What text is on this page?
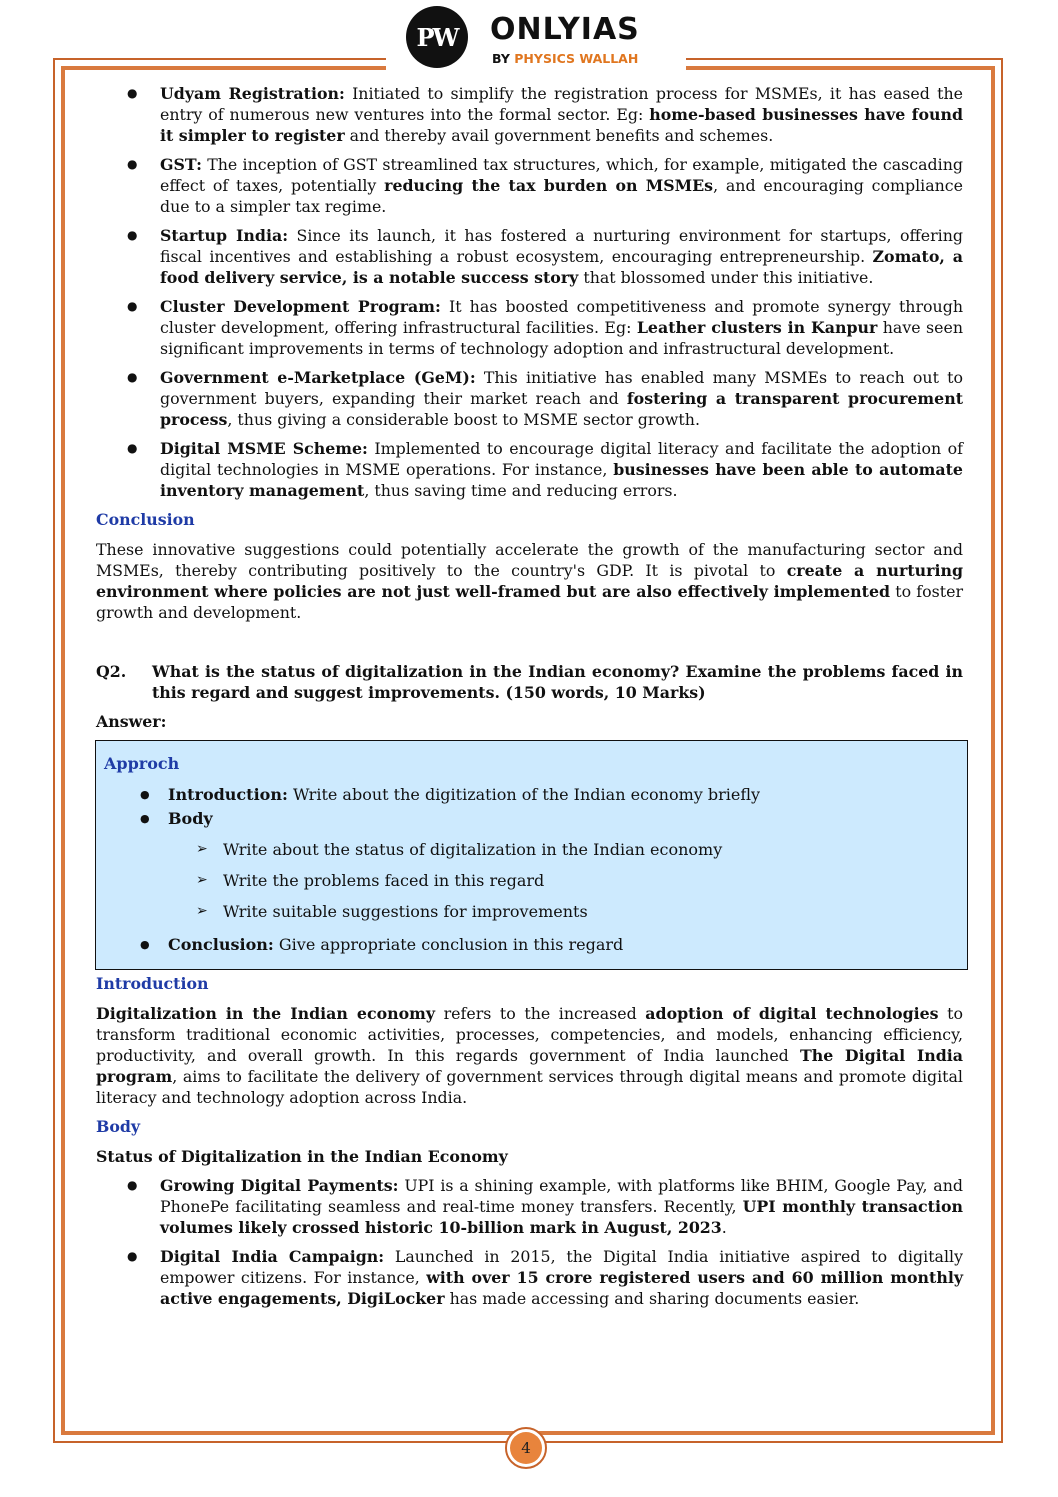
PW	ONLYIAS
BY PHYSICS WALLAH
● Udyam Registration: Initiated to simplify the registration process for MSMEs, it has eased the entry of numerous new ventures into the formal sector. Eg: home-based businesses have found it simpler to register and thereby avail government benefits and schemes.
● GST: The inception of GST streamlined tax structures, which, for example, mitigated the cascading effect of taxes, potentially reducing the tax burden on MSMEs, and encouraging compliance due to a simpler tax regime.
● Startup India: Since its launch, it has fostered a nurturing environment for startups, offering fiscal incentives and establishing a robust ecosystem, encouraging entrepreneurship. Zomato, a food delivery service, is a notable success story that blossomed under this initiative.
● Cluster Development Program: It has boosted competitiveness and promote synergy through cluster development, offering infrastructural facilities. Eg: Leather clusters in Kanpur have seen significant improvements in terms of technology adoption and infrastructural development.
● Government e-Marketplace (GeM): This initiative has enabled many MSMEs to reach out to government buyers, expanding their market reach and fostering a transparent procurement process, thus giving a considerable boost to MSME sector growth.
● Digital MSME Scheme: Implemented to encourage digital literacy and facilitate the adoption of digital technologies in MSME operations. For instance, businesses have been able to automate inventory management, thus saving time and reducing errors.
Conclusion

These innovative suggestions could potentially accelerate the growth of the manufacturing sector and MSMEs, thereby contributing positively to the country's GDP. It is pivotal to create a nurturing environment where policies are not just well-framed but are also effectively implemented to foster growth and development.

Q2.	What is the status of digitalization in the Indian economy? Examine the problems faced in this regard and suggest improvements. (150 words, 10 Marks)
Answer:
Approch
● Introduction: Write about the digitization of the Indian economy briefly
● Body
➢ Write about the status of digitalization in the Indian economy
➢ Write the problems faced in this regard
➢ Write suitable suggestions for improvements
● Conclusion: Give appropriate conclusion in this regard
Introduction

Digitalization in the Indian economy refers to the increased adoption of digital technologies to transform traditional economic activities, processes, competencies, and models, enhancing efficiency, productivity, and overall growth. In this regards government of India launched The Digital India program, aims to facilitate the delivery of government services through digital means and promote digital literacy and technology adoption across India.

Body
Status of Digitalization in the Indian Economy
● Growing Digital Payments: UPI is a shining example, with platforms like BHIM, Google Pay, and PhonePe facilitating seamless and real-time money transfers. Recently, UPI monthly transaction volumes likely crossed historic 10-billion mark in August, 2023.
● Digital India Campaign: Launched in 2015, the Digital India initiative aspired to digitally empower citizens. For instance, with over 15 crore registered users and 60 million monthly active engagements, DigiLocker has made accessing and sharing documents easier.
4
